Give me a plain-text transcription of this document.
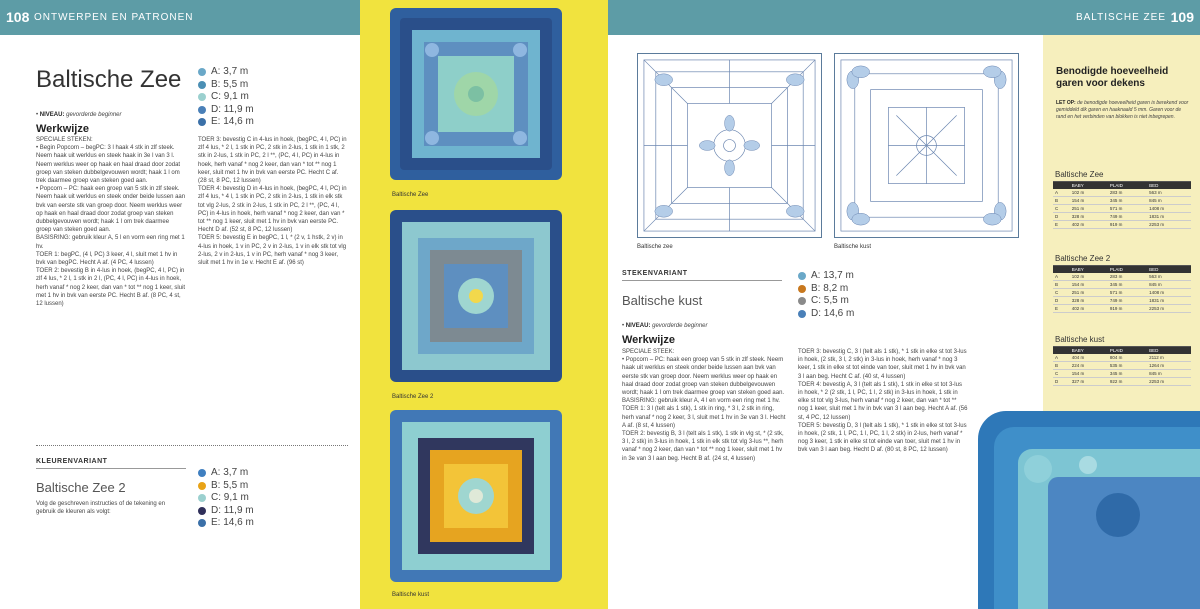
108 ONTWERPEN EN PATRONEN	BALTISCHE ZEE 109
Baltische Zee
• NIVEAU: gevorderde beginner
Werkwijze
A:
3,7 m
B:
5,5 m
C:
9,1 m
D:
11,9 m
E:
14,6 m
SPECIALE STEKEN:
• Begin Popcorn – begPC: 3 l haak 4 stk in zlf steek. Neem haak uit werklus en steek haak in 3e l van 3 l. Neem werklus weer op haak en haal draad door zodat groep van steken dubbelgevouwen wordt; haak 1 l om trek daarmee groep van steken goed aan.
• Popcorn – PC: haak een groep van 5 stk in zlf steek. Neem haak uit werklus en steek onder beide lussen aan bvk van eerste stk van groep door. Neem werklus weer op haak en haal draad door zodat groep van steken dubbelgevouwen wordt; haak 1 l om trek daarmee groep van steken goed aan.
BASISRING: gebruik kleur A, 5 l en vorm een ring met 1 hv.
TOER 1: begPC, (4 l, PC) 3 keer, 4 l, sluit met 1 hv in bvk van begPC. Hecht A af. (4 PC, 4 lussen)
TOER 2: bevestig B in 4-lus in hoek, (begPC, 4 l, PC) in zlf 4 lus, * 2 l, 1 stk in 2 l, (PC, 4 l, PC) in 4-lus in hoek, herh vanaf * nog 2 keer, dan van * tot ** nog 1 keer, sluit met 1 hv in bvk van eerste PC. Hecht B af. (8 PC, 4 st, 12 lussen)
TOER 3: bevestig C in 4-lus in hoek, (begPC, 4 l, PC) in zlf 4 lus, * 2 l, 1 stk in PC, 2 stk in 2-lus, 1 stk in 1 stk, 2 stk in 2-lus, 1 stk in PC, 2 l **, (PC, 4 l, PC) in 4-lus in hoek, herh vanaf * nog 2 keer, dan van * tot ** nog 1 keer, sluit met 1 hv in bvk van eerste PC. Hecht C af. (28 st, 8 PC, 12 lussen)
TOER 4: bevestig D in 4-lus in hoek, (begPC, 4 l, PC) in zlf 4 lus, * 4 l, 1 stk in PC, 2 stk in 2-lus, 1 stk in elk stk tot vlg 2-lus, 2 stk in 2-lus, 1 stk in PC, 2 l **, (PC, 4 l, PC) in 4-lus in hoek, herh vanaf * nog 2 keer, dan van * tot ** nog 1 keer, sluit met 1 hv in bvk van eerste PC. Hecht D af. (52 st, 8 PC, 12 lussen)
TOER 5: bevestig E in begPC, 1 l, * (2 v, 1 hstk, 2 v) in 4-lus in hoek, 1 v in PC, 2 v in 2-lus, 1 v in elk stk tot vlg 2-lus, 2 v in 2-lus, 1 v in PC, herh vanaf * nog 3 keer, sluit met 1 hv in 1e v. Hecht E af. (96 st)
KLEURENVARIANT
Baltische Zee 2
Volg de geschreven instructies of de tekening en gebruik de kleuren als volgt:
A:
3,7 m
B:
5,5 m
C:
9,1 m
D:
11,9 m
E:
14,6 m
Baltische Zee
Baltische Zee 2
Baltische kust
Baltische zee	Baltische kust
STEKENVARIANT
Baltische kust
• NIVEAU: gevorderde beginner
Werkwijze
A:
13,7 m
B:
8,2 m
C:
5,5 m
D:
14,6 m
SPECIALE STEEK:
• Popcorn – PC: haak een groep van 5 stk in zlf steek. Neem haak uit werklus en steek onder beide lussen aan bvk van eerste stk van groep door. Neem werklus weer op haak en haal draad door zodat groep van steken dubbelgevouwen wordt; haak 1 l om trek daarmee groep van steken goed aan.
BASISRING: gebruik kleur A, 4 l en vorm een ring met 1 hv.
TOER 1: 3 l (telt als 1 stk), 1 stk in ring, * 3 l, 2 stk in ring, herh vanaf * nog 2 keer, 3 l, sluit met 1 hv in 3e van 3 l. Hecht A af. (8 st, 4 lussen)
TOER 2: bevestig B, 3 l (telt als 1 stk), 1 stk in vlg st, * (2 stk, 3 l, 2 stk) in 3-lus in hoek, 1 stk in elk stk tot vlg 3-lus **, herh vanaf * nog 2 keer, dan van * tot ** nog 1 keer, sluit met 1 hv in 3e van 3 l aan beg. Hecht B af. (24 st, 4 lussen)
TOER 3: bevestig C, 3 l (telt als 1 stk), * 1 stk in elke st tot 3-lus in hoek, (2 stk, 3 l, 2 stk) in 3-lus in hoek, herh vanaf * nog 3 keer, 1 stk in elke st tot einde van toer, sluit met 1 hv in bvk van 3 l aan beg. Hecht C af. (40 st, 4 lussen)
TOER 4: bevestig A, 3 l (telt als 1 stk), 1 stk in elke st tot 3-lus in hoek, * 2 (2 stk, 1 l, PC, 1 l, 2 stk) in 3-lus in hoek, 1 stk in elke st tot vlg 3-lus, herh vanaf * nog 2 keer, dan van * tot ** nog 1 keer, sluit met 1 hv in bvk van 3 l aan beg. Hecht A af. (56 st, 4 PC, 12 lussen)
TOER 5: bevestig D, 3 l (telt als 1 stk), * 1 stk in elke st tot 3-lus in hoek, (2 stk, 1 l, PC, 1 l, PC, 1 l, 2 stk) in 2-lus, herh vanaf * nog 3 keer, 1 stk in elke st tot einde van toer, sluit met 1 hv in bvk van 3 l aan beg. Hecht D af. (80 st, 8 PC, 12 lussen)
Benodigde hoeveelheid garen voor dekens
LET OP: de benodigde hoeveelheid garen is berekend voor gemiddeld dik garen en haaknaald 5 mm. Garen voor de rand en het verbinden van blokken is niet inbegrepen.
Baltische Zee
	BABY	PLAID	BED
A	102 m	283 m	563 m
B	154 m	345 m	845 m
C	251 m	571 m	1408 m
D	328 m	749 m	1831 m
E	402 m	919 m	2253 m
Baltische Zee 2
	BABY	PLAID	BED
A	102 m	283 m	563 m
B	154 m	345 m	845 m
C	251 m	571 m	1408 m
D	328 m	749 m	1831 m
E	402 m	919 m	2253 m
Baltische kust
	BABY	PLAID	BED
A	404 m	804 m	2112 m
B	224 m	535 m	1264 m
C	154 m	345 m	845 m
D	327 m	922 m	2253 m
